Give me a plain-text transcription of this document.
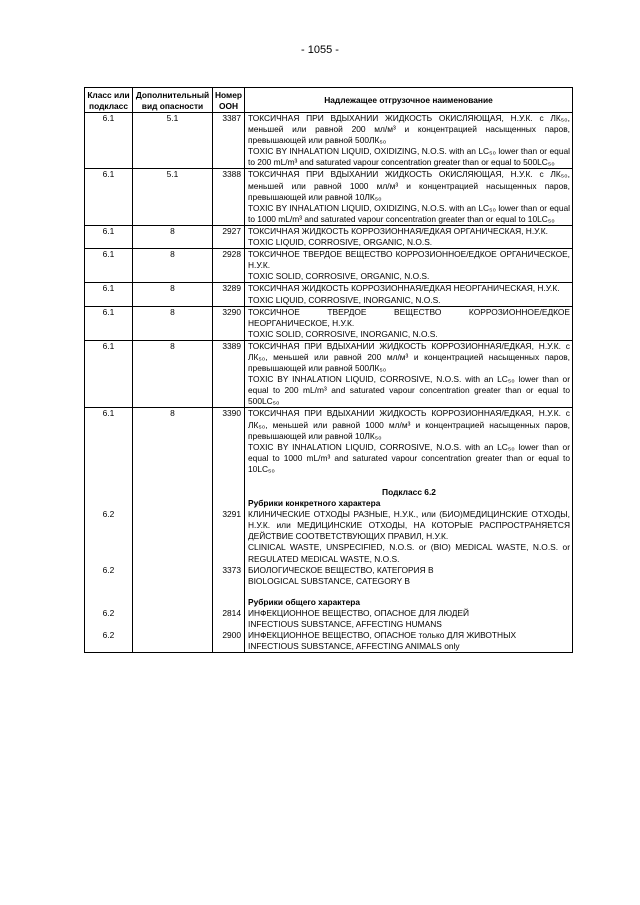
- 1055 -
Класс или подкласс	Дополнительный вид опасности	Номер ООН	Надлежащее отгрузочное наименование
6.1	5.1	3387	ТОКСИЧНАЯ ПРИ ВДЫХАНИИ ЖИДКОСТЬ ОКИСЛЯЮЩАЯ, Н.У.К. с ЛК₅₀, меньшей или равной 200 мл/м³ и концентрацией насыщенных паров, превышающей или равной 500ЛК₅₀
TOXIC BY INHALATION LIQUID, OXIDIZING, N.O.S. with an LC₅₀ lower than or equal to 200 mL/m³ and saturated vapour concentration greater than or equal to 500LC₅₀

6.1	5.1	3388	ТОКСИЧНАЯ ПРИ ВДЫХАНИИ ЖИДКОСТЬ ОКИСЛЯЮЩАЯ, Н.У.К. с ЛК₅₀, меньшей или равной 1000 мл/м³ и концентрацией насыщенных паров, превышающей или равной 10ЛК₅₀
TOXIC BY INHALATION LIQUID, OXIDIZING, N.O.S. with an LC₅₀ lower than or equal to 1000 mL/m³ and saturated vapour concentration greater than or equal to 10LC₅₀

6.1	8	2927	ТОКСИЧНАЯ ЖИДКОСТЬ КОРРОЗИОННАЯ/ЕДКАЯ ОРГАНИЧЕСКАЯ, Н.У.К.
TOXIC LIQUID, CORROSIVE, ORGANIC, N.O.S.

6.1	8	2928	ТОКСИЧНОЕ ТВЕРДОЕ ВЕЩЕСТВО КОРРОЗИОННОЕ/ЕДКОЕ ОРГАНИЧЕСКОЕ, Н.У.К.
TOXIC SOLID, CORROSIVE, ORGANIC, N.O.S.

6.1	8	3289	ТОКСИЧНАЯ ЖИДКОСТЬ КОРРОЗИОННАЯ/ЕДКАЯ НЕОРГАНИЧЕСКАЯ, Н.У.К.
TOXIC LIQUID, CORROSIVE, INORGANIC, N.O.S.

6.1	8	3290	ТОКСИЧНОЕ ТВЕРДОЕ ВЕЩЕСТВО КОРРОЗИОННОЕ/ЕДКОЕ НЕОРГАНИЧЕСКОЕ, Н.У.К.
TOXIC SOLID, CORROSIVE, INORGANIC, N.O.S.

6.1	8	3389	ТОКСИЧНАЯ ПРИ ВДЫХАНИИ ЖИДКОСТЬ КОРРОЗИОННАЯ/ЕДКАЯ, Н.У.К. с ЛК₅₀, меньшей или равной 200 мл/м³ и концентрацией насыщенных паров, превышающей или равной 500ЛК₅₀
TOXIC BY INHALATION LIQUID, CORROSIVE, N.O.S. with an LC₅₀ lower than or equal to 200 mL/m³ and saturated vapour concentration greater than or equal to 500LC₅₀

6.1	8	3390	ТОКСИЧНАЯ ПРИ ВДЫХАНИИ ЖИДКОСТЬ КОРРОЗИОННАЯ/ЕДКАЯ, Н.У.К. с ЛК₅₀, меньшей или равной 1000 мл/м³ и концентрацией насыщенных паров, превышающей или равной 10ЛК₅₀
TOXIC BY INHALATION LIQUID, CORROSIVE, N.O.S. with an LC₅₀ lower than or equal to 1000 mL/m³ and saturated vapour concentration greater than or equal to 10LC₅₀

			Подкласс 6.2
Рубрики конкретного характера

6.2		3291	КЛИНИЧЕСКИЕ ОТХОДЫ РАЗНЫЕ, Н.У.К., или (БИО)МЕДИЦИНСКИЕ ОТХОДЫ, Н.У.К. или МЕДИЦИНСКИЕ ОТХОДЫ, НА КОТОРЫЕ РАСПРОСТРАНЯЕТСЯ ДЕЙСТВИЕ СООТВЕТСТВУЮЩИХ ПРАВИЛ, Н.У.К.
CLINICAL WASTE, UNSPECIFIED, N.O.S. or (BIO) MEDICAL WASTE, N.O.S. or REGULATED MEDICAL WASTE, N.O.S.

6.2		3373	БИОЛОГИЧЕСКОЕ ВЕЩЕСТВО, КАТЕГОРИЯ В
BIOLOGICAL SUBSTANCE, CATEGORY B

			Рубрики общего характера

6.2		2814	ИНФЕКЦИОННОЕ ВЕЩЕСТВО, ОПАСНОЕ ДЛЯ ЛЮДЕЙ
INFECTIOUS SUBSTANCE, AFFECTING HUMANS

6.2		2900	ИНФЕКЦИОННОЕ ВЕЩЕСТВО, ОПАСНОЕ только ДЛЯ ЖИВОТНЫХ
INFECTIOUS SUBSTANCE, AFFECTING ANIMALS only
